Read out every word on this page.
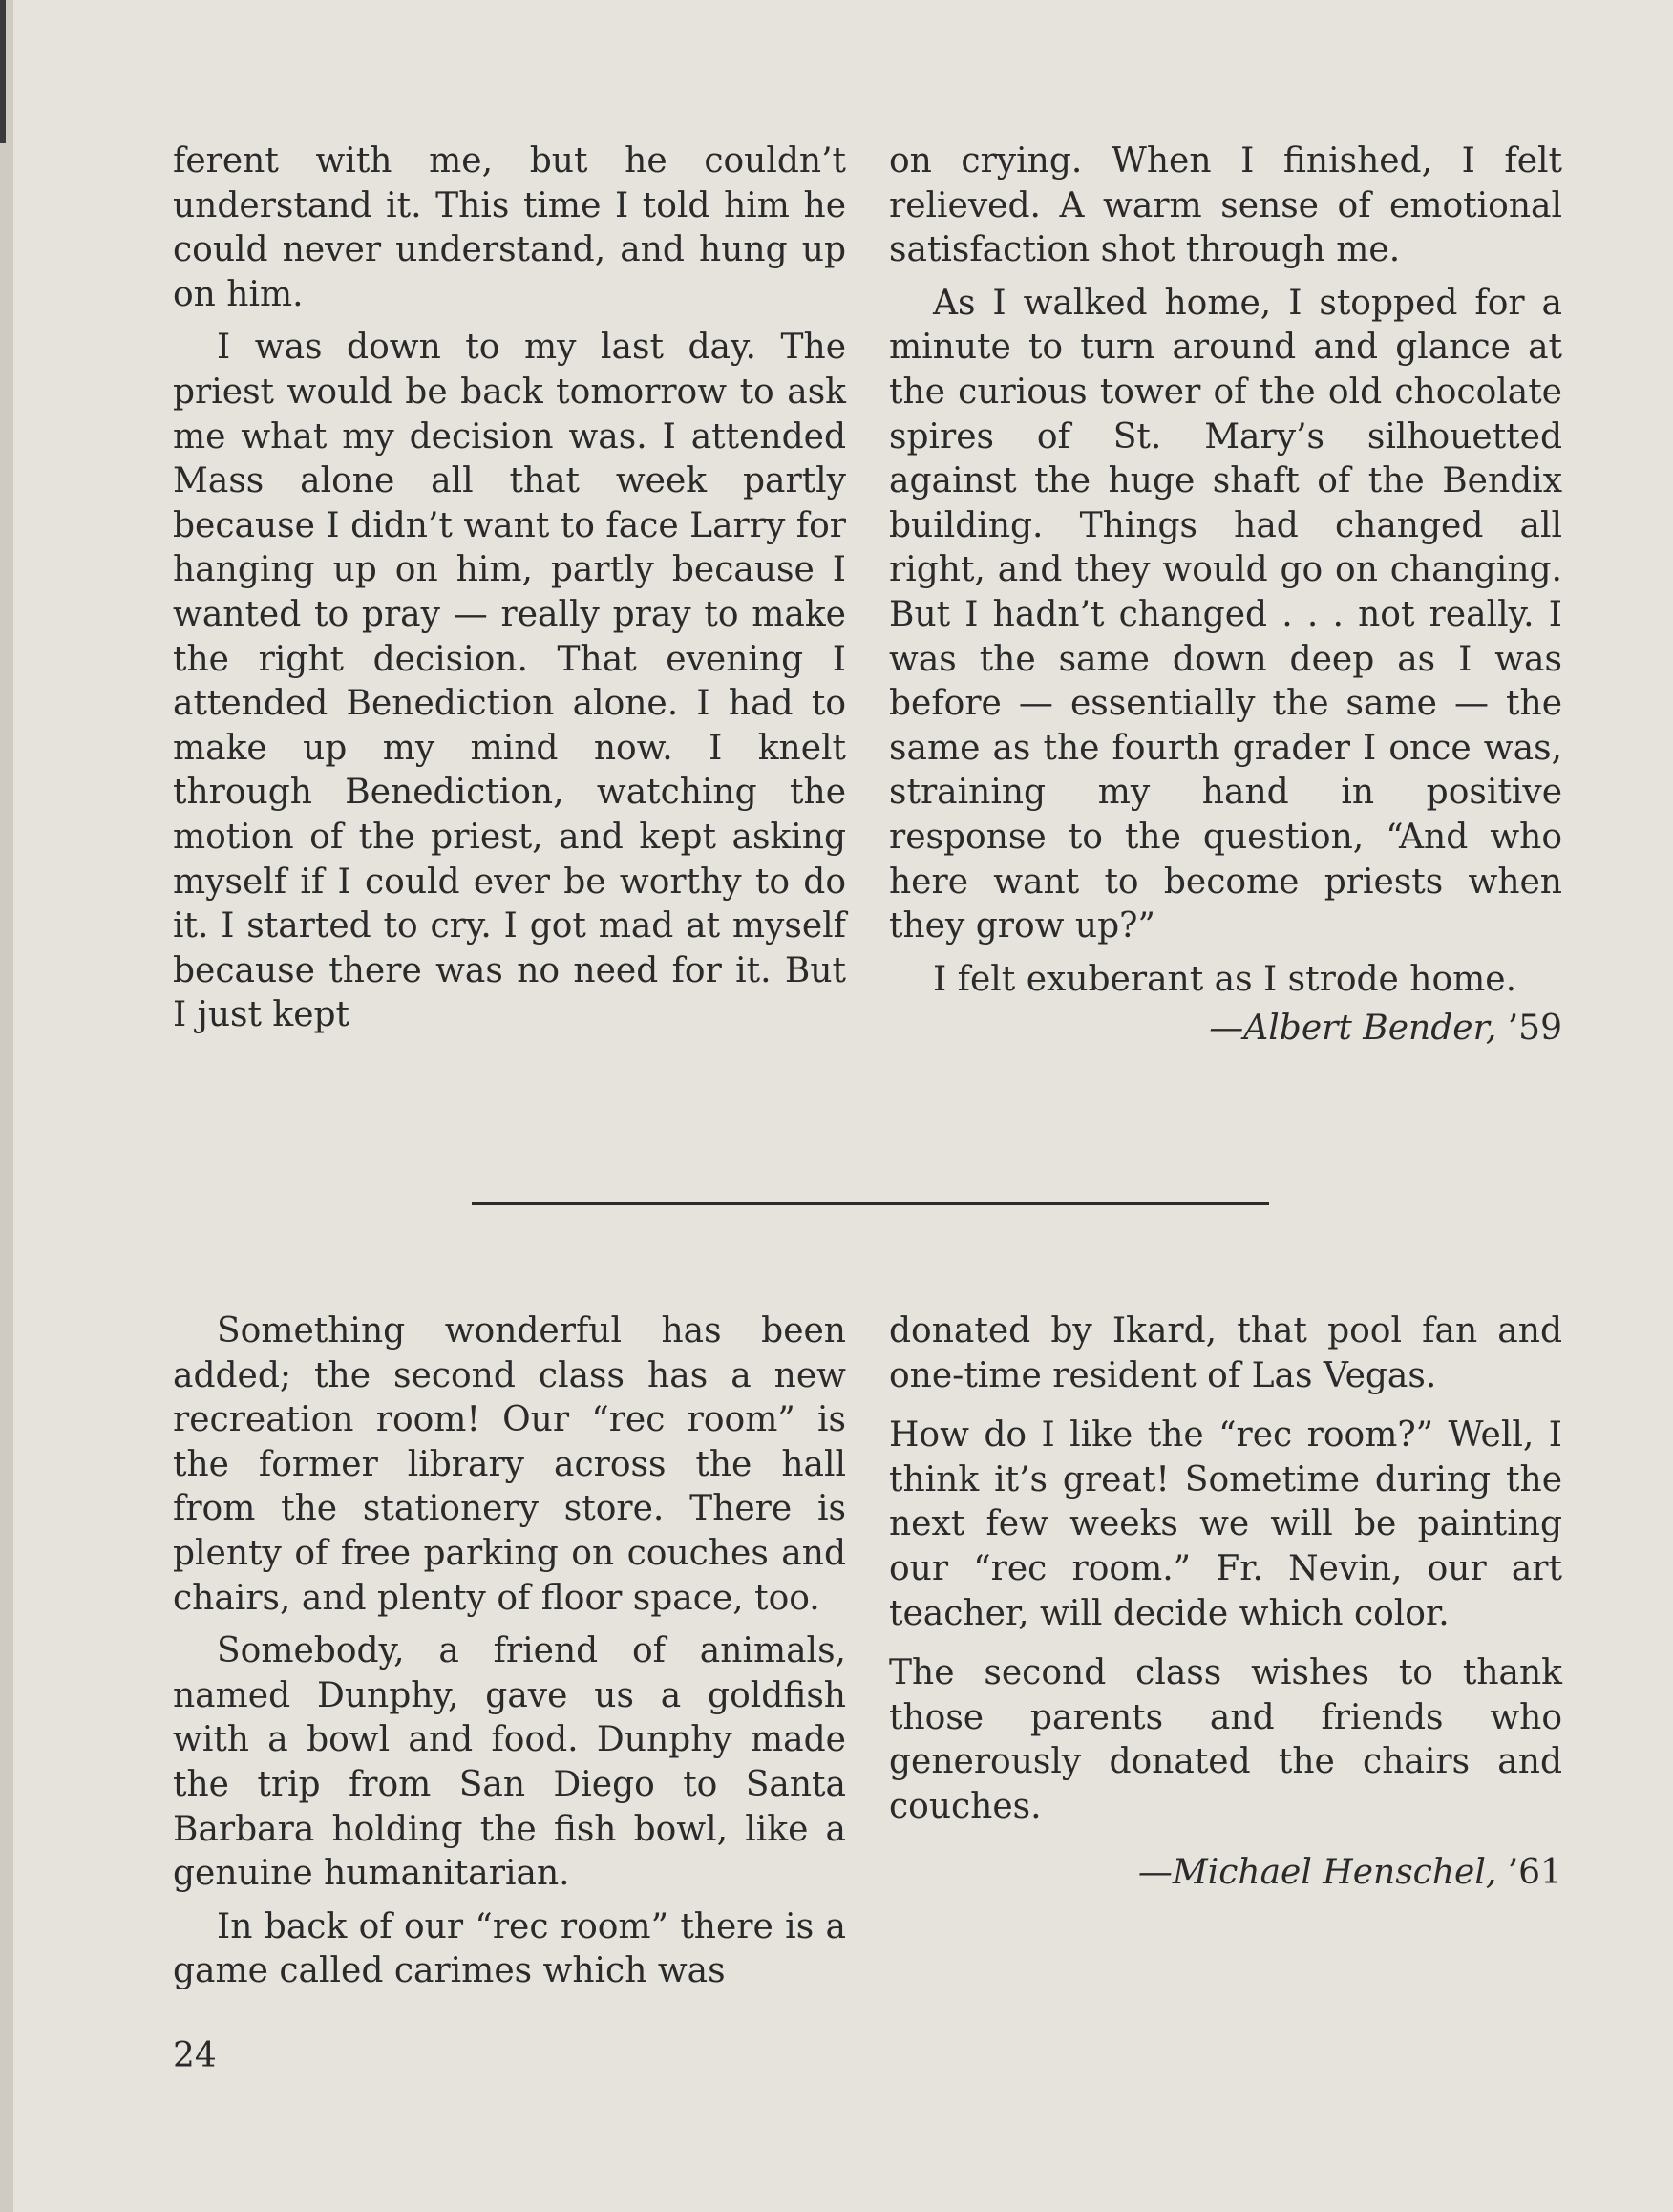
ferent with me, but he couldn’t understand it. This time I told him he could never understand, and hung up on him.

I was down to my last day. The priest would be back tomorrow to ask me what my decision was. I attended Mass alone all that week partly because I didn’t want to face Larry for hanging up on him, partly because I wanted to pray — really pray to make the right decision. That evening I attended Benediction alone. I had to make up my mind now. I knelt through Benediction, watching the motion of the priest, and kept asking myself if I could ever be worthy to do it. I started to cry. I got mad at myself because there was no need for it. But I just kept

on crying. When I finished, I felt relieved. A warm sense of emotional satisfaction shot through me.

As I walked home, I stopped for a minute to turn around and glance at the curious tower of the old chocolate spires of St. Mary’s silhouetted against the huge shaft of the Bendix building. Things had changed all right, and they would go on changing. But I hadn’t changed . . . not really. I was the same down deep as I was before — essentially the same — the same as the fourth grader I once was, straining my hand in positive response to the question, “And who here want to become priests when they grow up?”

I felt exuberant as I strode home.

—Albert Bender, ’59

Something wonderful has been added; the second class has a new recreation room! Our “rec room” is the former library across the hall from the stationery store. There is plenty of free parking on couches and chairs, and plenty of floor space, too.

Somebody, a friend of animals, named Dunphy, gave us a goldfish with a bowl and food. Dunphy made the trip from San Diego to Santa Barbara holding the fish bowl, like a genuine humanitarian.

In back of our “rec room” there is a game called carimes which was

donated by Ikard, that pool fan and one-time resident of Las Vegas.

How do I like the “rec room?” Well, I think it’s great! Sometime during the next few weeks we will be painting our “rec room.” Fr. Nevin, our art teacher, will decide which color.

The second class wishes to thank those parents and friends who generously donated the chairs and couches.

—Michael Henschel, ’61

24
